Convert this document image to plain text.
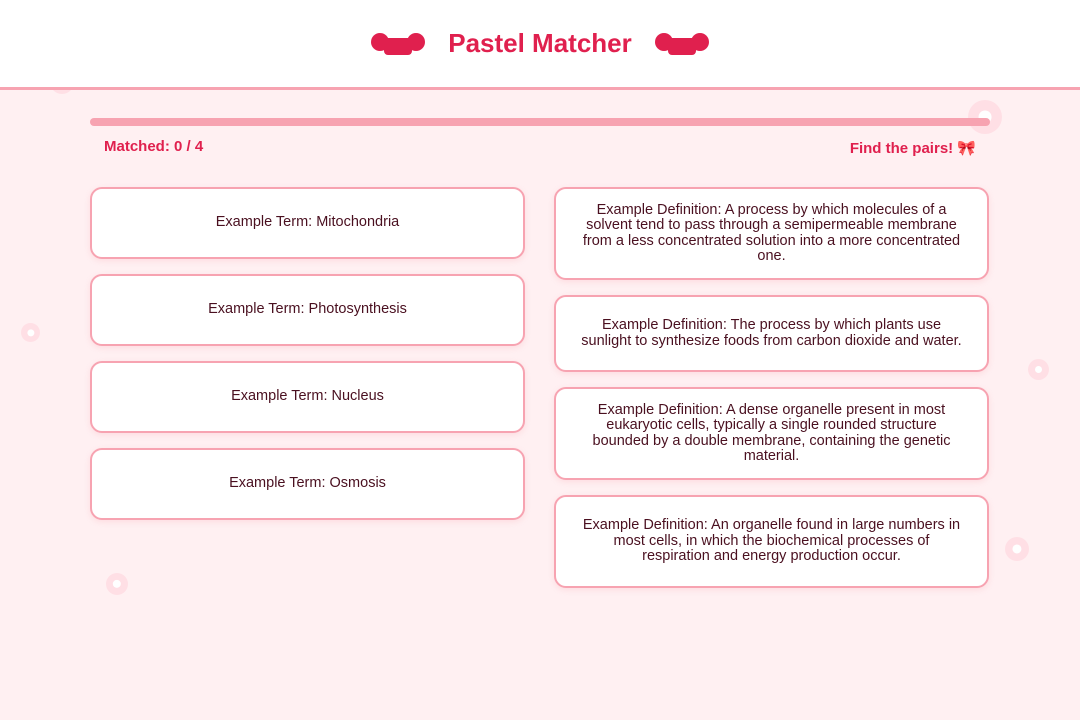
Pastel Matcher
Matched: 0 / 4	Find the pairs! 🎀
Example Term: Mitochondria
Example Term: Photosynthesis
Example Term: Nucleus
Example Term: Osmosis
Example Definition: A process by which molecules of a solvent tend to pass through a semipermeable membrane from a less concentrated solution into a more concentrated one.
Example Definition: The process by which plants use sunlight to synthesize foods from carbon dioxide and water.
Example Definition: A dense organelle present in most eukaryotic cells, typically a single rounded structure bounded by a double membrane, containing the genetic material.
Example Definition: An organelle found in large numbers in most cells, in which the biochemical processes of respiration and energy production occur.
